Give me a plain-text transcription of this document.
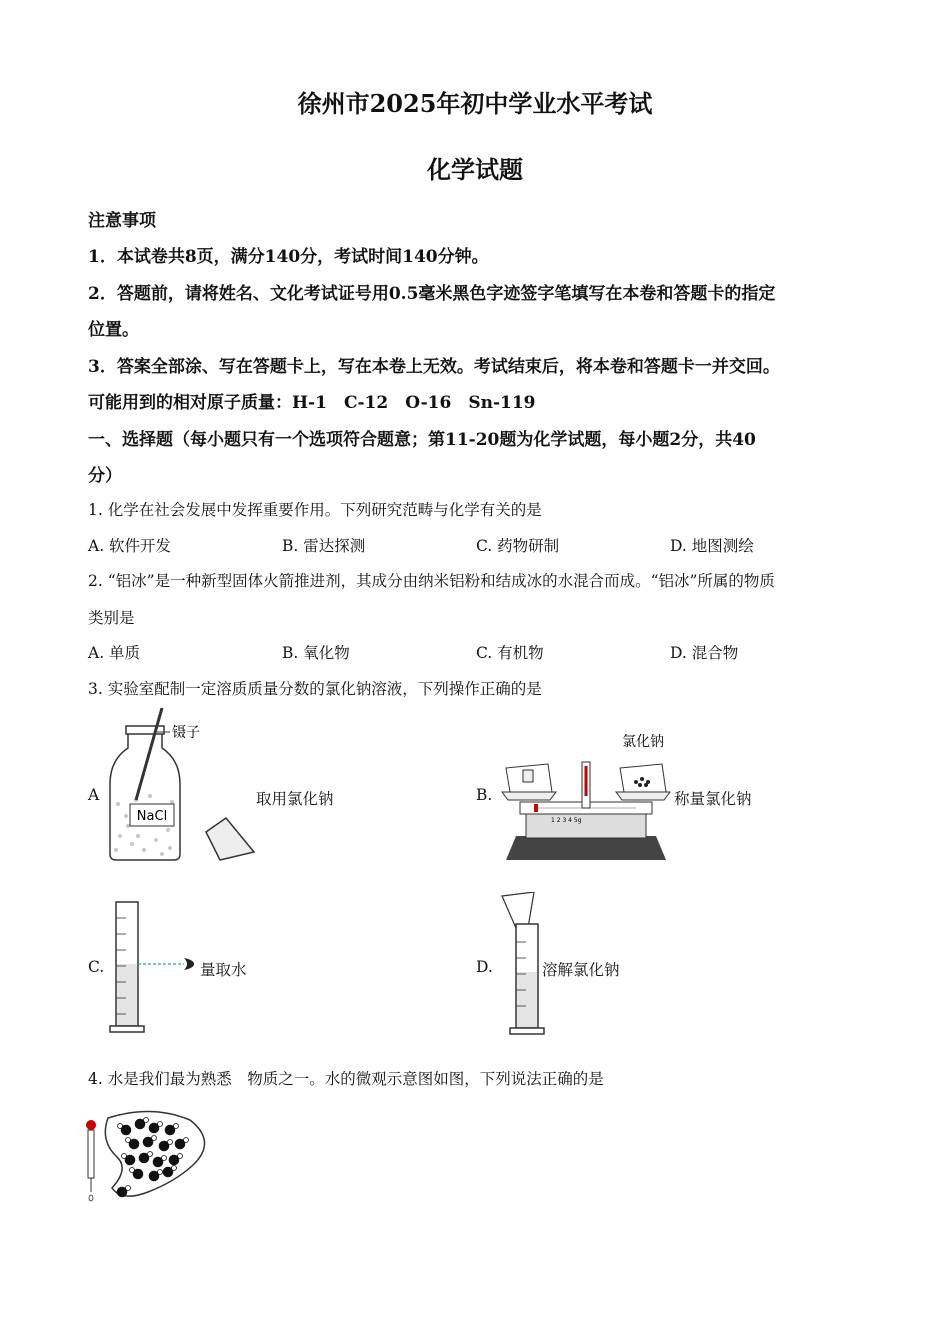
徐州市2025年初中学业水平考试
化学试题
注意事项
1．本试卷共8页，满分140分，考试时间140分钟。
2．答题前，请将姓名、文化考试证号用0.5毫米黑色字迹签字笔填写在本卷和答题卡的指定
位置。
3．答案全部涂、写在答题卡上，写在本卷上无效。考试结束后，将本卷和答题卡一并交回。
可能用到的相对原子质量：H-1　C-12　O-16　Sn-119
一、选择题（每小题只有一个选项符合题意；第11-20题为化学试题，每小题2分，共40
分）
1. 化学在社会发展中发挥重要作用。下列研究范畴与化学有关的是
A. 软件开发	B. 雷达探测	C. 药物研制	D. 地图测绘
2. “铝冰”是一种新型固体火箭推进剂，其成分由纳米铝粉和结成冰的水混合而成。“铝冰”所属的物质
类别是
A. 单质	B. 氧化物	C. 有机物	D. 混合物
3. 实验室配制一定溶质质量分数的氯化钠溶液，下列操作正确的是
A
NaCl
镊子
取用氯化钠	B.
1 2 3 4 5g
氯化钠
称量氯化钠
C.	量取水	D.	溶解氯化钠
4. 水是我们最为熟悉　物质之一。水的微观示意图如图，下列说法正确的是
